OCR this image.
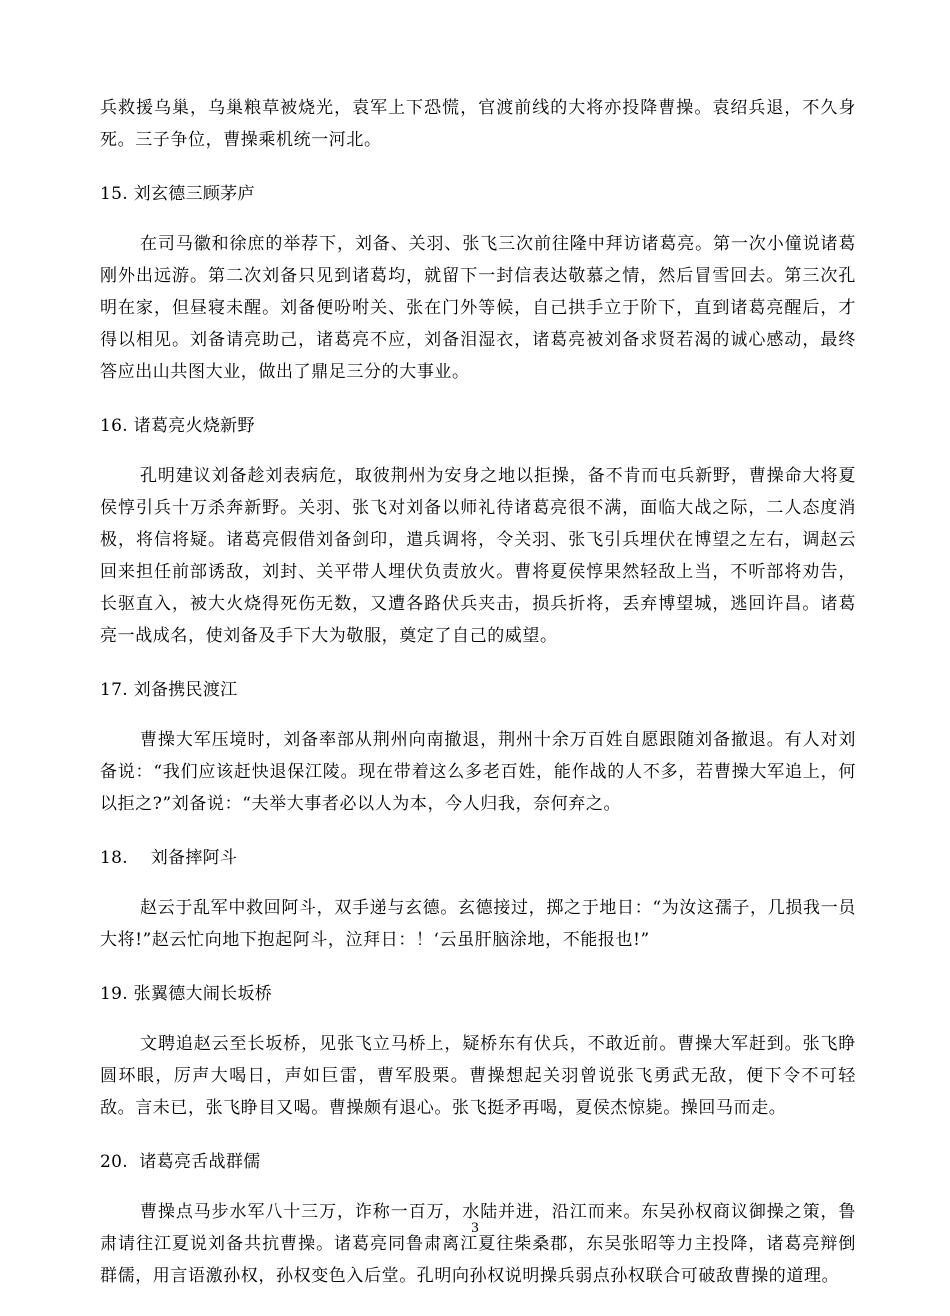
兵救援乌巢，乌巢粮草被烧光，袁军上下恐慌，官渡前线的大将亦投降曹操。袁绍兵退，不久身死。三子争位，曹操乘机统一河北。

15. 刘玄德三顾茅庐

在司马徽和徐庶的举荐下，刘备、关羽、张飞三次前往隆中拜访诸葛亮。第一次小僮说诸葛刚外出远游。第二次刘备只见到诸葛均，就留下一封信表达敬慕之情，然后冒雪回去。第三次孔明在家，但昼寝未醒。刘备便吩咐关、张在门外等候，自己拱手立于阶下，直到诸葛亮醒后，才得以相见。刘备请亮助己，诸葛亮不应，刘备泪湿衣，诸葛亮被刘备求贤若渴的诚心感动，最终答应出山共图大业，做出了鼎足三分的大事业。

16. 诸葛亮火烧新野

孔明建议刘备趁刘表病危，取彼荆州为安身之地以拒操，备不肯而屯兵新野，曹操命大将夏侯惇引兵十万杀奔新野。关羽、张飞对刘备以师礼待诸葛亮很不满，面临大战之际，二人态度消极，将信将疑。诸葛亮假借刘备剑印，遣兵调将，令关羽、张飞引兵埋伏在博望之左右，调赵云回来担任前部诱敌，刘封、关平带人埋伏负责放火。曹将夏侯惇果然轻敌上当，不听部将劝告，长驱直入，被大火烧得死伤无数，又遭各路伏兵夹击，损兵折将，丢弃博望城，逃回许昌。诸葛亮一战成名，使刘备及手下大为敬服，奠定了自己的威望。

17. 刘备携民渡江

曹操大军压境时，刘备率部从荆州向南撤退，荆州十余万百姓自愿跟随刘备撤退。有人对刘备说：“我们应该赶快退保江陵。现在带着这么多老百姓，能作战的人不多，若曹操大军追上，何以拒之?”刘备说：“夫举大事者必以人为本，今人归我，奈何弃之。

18.    刘备摔阿斗

赵云于乱军中救回阿斗，双手递与玄德。玄德接过，掷之于地日：“为汝这孺子，几损我一员大将!”赵云忙向地下抱起阿斗，泣拜日：！‘云虽肝脑涂地，不能报也!”

19. 张翼德大闹长坂桥

文聘追赵云至长坂桥，见张飞立马桥上，疑桥东有伏兵，不敢近前。曹操大军赶到。张飞睁圆环眼，厉声大喝日，声如巨雷，曹军股栗。曹操想起关羽曾说张飞勇武无敌，便下令不可轻敌。言未已，张飞睁目又喝。曹操颇有退心。张飞挺矛再喝，夏侯杰惊毙。操回马而走。

20.  诸葛亮舌战群儒

曹操点马步水军八十三万，诈称一百万，水陆并进，沿江而来。东吴孙权商议御操之策，鲁肃请往江夏说刘备共抗曹操。诸葛亮同鲁肃离江夏往柴桑郡，东吴张昭等力主投降，诸葛亮辩倒群儒，用言语激孙权，孙权变色入后堂。孔明向孙权说明操兵弱点孙权联合可破敌曹操的道理。

3
